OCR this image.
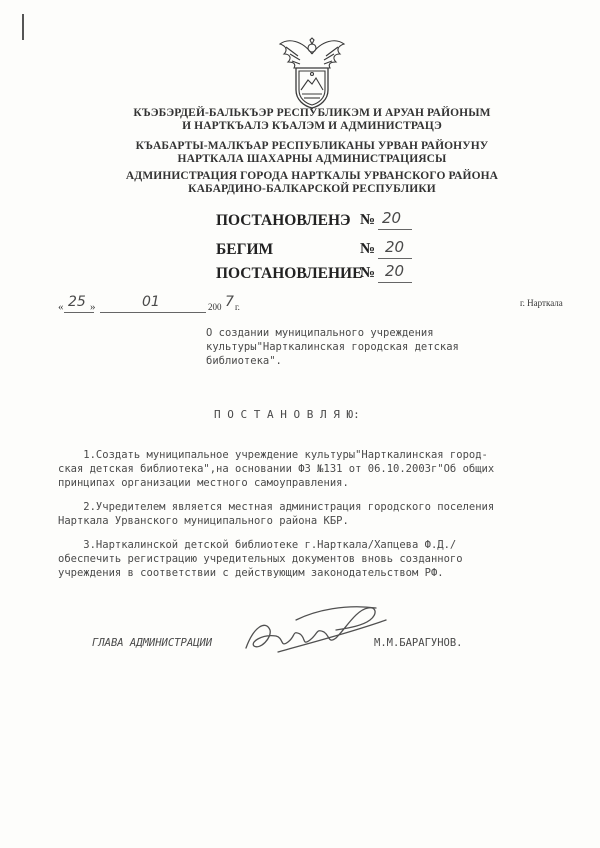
КЪЭБЭРДЕЙ-БАЛЬКЪЭР РЕСПУБЛИКЭМ И АРУАН РАЙОНЫМ
И НАРТКЪАЛЭ КЪАЛЭМ И АДМИНИСТРАЦЭ
КЪАБАРТЫ-МАЛКЪАР РЕСПУБЛИКАНЫ УРВАН РАЙОНУНУ
НАРТКАЛА ШАХАРНЫ АДМИНИСТРАЦИЯСЫ
АДМИНИСТРАЦИЯ ГОРОДА НАРТКАЛЫ УРВАНСКОГО РАЙОНА
КАБАРДИНО-БАЛКАРСКОЙ РЕСПУБЛИКИ
ПОСТАНОВЛЕНЭ № 20
БЕГИМ	№ 20
ПОСТАНОВЛЕНИЕ
№ 20
« 25 »	01	200 7 г.	г. Нарткала
О создании муниципального учреждения
культуры"Нарткалинская городская детская
библиотека".
П О С Т А Н О В Л Я Ю:
1.Создать муниципальное учреждение культуры"Нарткалинская город-
ская детская библиотека",на основании ФЗ №131 от 06.10.2003г"Об общих
принципах организации местного самоуправления.
2.Учредителем является местная администрация городского поселения
Нарткала Урванского муниципального района КБР.
3.Нарткалинской детской библиотеке г.Нарткала/Хапцева Ф.Д./
обеспечить регистрацию учредительных документов вновь созданного
учреждения в соответствии с действующим законодательством РФ.
ГЛАВА АДМИНИСТРАЦИИ	М.М.БАРАГУНОВ.
